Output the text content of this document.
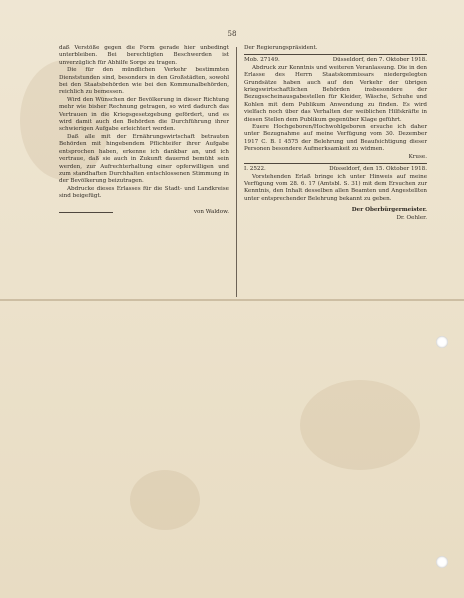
58

daß Verstöße gegen die Form gerade hier unbedingt unterbleiben. Bei berechtigten Beschwerden ist unverzüglich für Abhilfe Sorge zu tragen.

Die für den mündlichen Verkehr bestimmten Dienststunden sind, besonders in den Großstädten, sowohl bei den Staatsbehörden wie bei den Kommunalbehörden, reichlich zu bemessen.

Wird den Wünschen der Bevölkerung in dieser Richtung mehr wie bisher Rechnung getragen, so wird dadurch das Vertrauen in die Kriegsgesetzgebung gefördert, und es wird damit auch den Behörden die Durchführung ihrer schwierigen Aufgabe erleichtert werden.

Daß alle mit der Ernährungswirtschaft betrauten Behörden mit hingebendem Pflichteifer ihrer Aufgabe entsprochen haben, erkenne ich dankbar an, und ich vertraue, daß sie auch in Zukunft dauernd bemüht sein werden, zur Aufrechterhaltung einer opferwilligen und zum standhaften Durchhalten entschlossenen Stimmung in der Bevölkerung beizutragen.

Abdrucke dieses Erlasses für die Stadt- und Landkreise sind beigefügt.

von Waldow.

Der Regierungspräsident.

Mob. 27149.	Düsseldorf, den 7. Oktober 1918.

Abdruck zur Kenntnis und weiteren Veranlassung. Die in den Erlasse des Herrn Staatskommissars niedergelegten Grundsätze haben auch auf den Verkehr der übrigen kriegswirtschaftlichen Behörden insbesondere der Bezugsscheinausgabestellen für Kleider, Wäsche, Schuhe und Kohlen mit dem Publikum Anwendung zu finden. Es wird vielfach noch über das Verhalten der weiblichen Hilfskräfte in diesen Stellen dem Publikum gegenüber Klage geführt.

Euere Hochgeboren/Hochwohlgeboren ersuche ich daher unter Bezugnahme auf meine Verfügung vom 30. Dezember 1917 C. B. I 4575 der Belehrung und Beaufsichtigung dieser Personen besondere Aufmerksamkeit zu widmen.

Kruse.

I. 2522.	Düsseldorf, den 15. Oktober 1918.

Vorstehenden Erlaß bringe ich unter Hinweis auf meine Verfügung vom 28. 6. 17 (Amtsbl. S. 31) mit dem Ersuchen zur Kenntnis, den Inhalt desselben allen Beamten und Angestellten unter entsprechender Belehrung bekannt zu geben.

Der Oberbürgermeister.

Dr. Oehler.
